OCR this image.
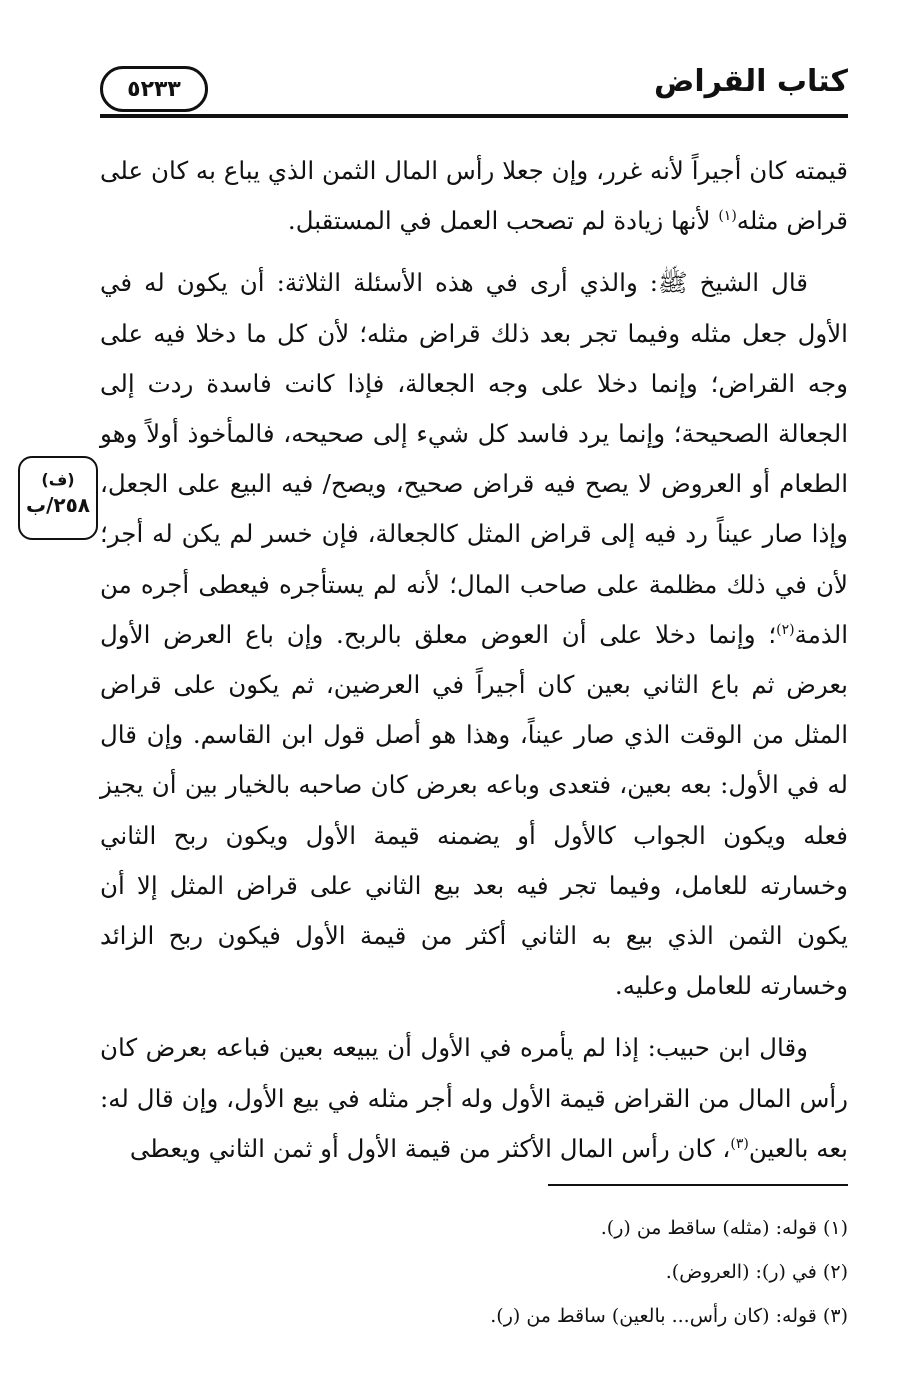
٥٢٣٣	كتاب القراض
(ف)
٢٥٨/ب

قيمته كان أجيراً لأنه غرر، وإن جعلا رأس المال الثمن الذي يباع به كان على قراض مثله$^{(١)}$ لأنها زيادة لم تصحب العمل في المستقبل.

قال الشيخ ﷺ: والذي أرى في هذه الأسئلة الثلاثة: أن يكون له في الأول جعل مثله وفيما تجر بعد ذلك قراض مثله؛ لأن كل ما دخلا فيه على وجه القراض؛ وإنما دخلا على وجه الجعالة، فإذا كانت فاسدة ردت إلى الجعالة الصحيحة؛ وإنما يرد فاسد كل شيء إلى صحيحه، فالمأخوذ أولاً وهو الطعام أو العروض لا يصح فيه قراض صحيح، ويصح/ فيه البيع على الجعل، وإذا صار عيناً رد فيه إلى قراض المثل كالجعالة، فإن خسر لم يكن له أجر؛ لأن في ذلك مظلمة على صاحب المال؛ لأنه لم يستأجره فيعطى أجره من الذمة$^{(٢)}$؛ وإنما دخلا على أن العوض معلق بالربح. وإن باع العرض الأول بعرض ثم باع الثاني بعين كان أجيراً في العرضين، ثم يكون على قراض المثل من الوقت الذي صار عيناً، وهذا هو أصل قول ابن القاسم. وإن قال له في الأول: بعه بعين، فتعدى وباعه بعرض كان صاحبه بالخيار بين أن يجيز فعله ويكون الجواب كالأول أو يضمنه قيمة الأول ويكون ربح الثاني وخسارته للعامل، وفيما تجر فيه بعد بيع الثاني على قراض المثل إلا أن يكون الثمن الذي بيع به الثاني أكثر من قيمة الأول فيكون ربح الزائد وخسارته للعامل وعليه.

وقال ابن حبيب: إذا لم يأمره في الأول أن يبيعه بعين فباعه بعرض كان رأس المال من القراض قيمة الأول وله أجر مثله في بيع الأول، وإن قال له: بعه بالعين$^{(٣)}$، كان رأس المال الأكثر من قيمة الأول أو ثمن الثاني ويعطى

(١) قوله: (مثله) ساقط من (ر).
(٢) في (ر): (العروض).
(٣) قوله: (كان رأس... بالعين) ساقط من (ر).
